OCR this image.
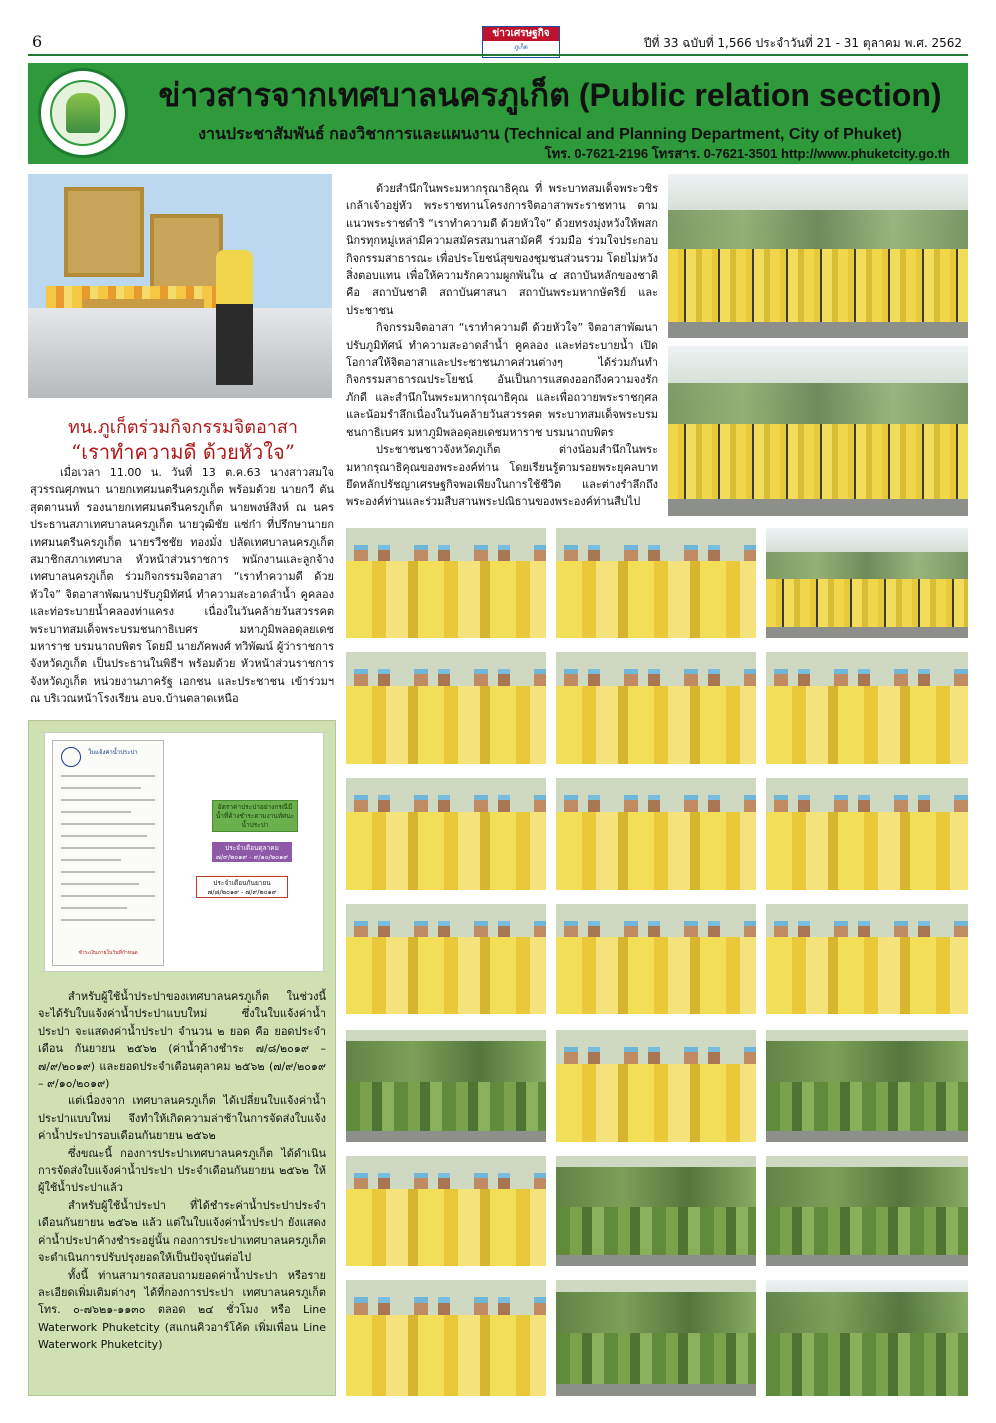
6	ข่าวเศรษฐกิจ
ภูเก็ต	ปีที่ 33 ฉบับที่ 1,566 ประจำวันที่ 21 - 31 ตุลาคม พ.ศ. 2562
ข่าวสารจากเทศบาลนครภูเก็ต (Public relation section)
งานประชาสัมพันธ์ กองวิชาการและแผนงาน (Technical and Planning Department, City of Phuket)
โทร. 0-7621-2196 โทรสาร. 0-7621-3501 http://www.phuketcity.go.th
ทน.ภูเก็ตร่วมกิจกรรมจิตอาสา
“เราทำความดี ด้วยหัวใจ”

เมื่อเวลา 11.00 น. วันที่ 13 ต.ค.63 นางสาวสมใจ สุวรรณศุภพนา นายกเทศมนตรีนครภูเก็ต พร้อมด้วย นายกวี ตันสุตตานนท์ รองนายกเทศมนตรีนครภูเก็ต นายพงษ์สิงห์ ณ นคร ประธานสภาเทศบาลนครภูเก็ต นายวุฒิชัย แซ่ก๋า ที่ปรึกษานายกเทศมนตรีนครภูเก็ต นายรวีชชัย ทองมั่ง ปลัดเทศบาลนครภูเก็ต สมาชิกสภาเทศบาล หัวหน้าส่วนราชการ พนักงานและลูกจ้างเทศบาลนครภูเก็ต ร่วมกิจกรรมจิตอาสา “เราทำความดี ด้วยหัวใจ” จิตอาสาพัฒนาปรับภูมิทัศน์ ทำความสะอาดลำน้ำ คูคลอง และท่อระบายน้ำคลองท่าแครง เนื่องในวันคล้ายวันสวรรคต พระบาทสมเด็จพระบรมชนกาธิเบศร มหาภูมิพลอดุลยเดชมหาราช บรมนาถบพิตร โดยมี นายภัคพงศ์ ทวิพัฒน์ ผู้ว่าราชการจังหวัดภูเก็ต เป็นประธานในพิธีฯ พร้อมด้วย หัวหน้าส่วนราชการจังหวัดภูเก็ต หน่วยงานภาครัฐ เอกชน และประชาชน เข้าร่วมฯ ณ บริเวณหน้าโรงเรียน อบจ.บ้านตลาดเหนือ

ด้วยสำนึกในพระมหากรุณาธิคุณ ที่ พระบาทสมเด็จพระวชิรเกล้าเจ้าอยู่หัว พระราชทานโครงการจิตอาสาพระราชทาน ตามแนวพระราชดำริ “เราทำความดี ด้วยหัวใจ” ด้วยทรงมุ่งหวังให้พสกนิกรทุกหมู่เหล่ามีความสมัครสมานสามัคคี ร่วมมือ ร่วมใจประกอบกิจกรรมสาธารณะ เพื่อประโยชน์สุขของชุมชนส่วนรวม โดยไม่หวังสิ่งตอบแทน เพื่อให้ความรักความผูกพันใน ๔ สถาบันหลักของชาติ คือ สถาบันชาติ สถาบันศาสนา สถาบันพระมหากษัตริย์ และประชาชน

กิจกรรมจิตอาสา “เราทำความดี ด้วยหัวใจ” จิตอาสาพัฒนาปรับภูมิทัศน์ ทำความสะอาดลำน้ำ คูคลอง และท่อระบายน้ำ เปิดโอกาสให้จิตอาสาและประชาชนภาคส่วนต่างๆ ได้ร่วมกันทำกิจกรรมสาธารณประโยชน์ อันเป็นการแสดงออกถึงความจงรักภักดี และสำนึกในพระมหากรุณาธิคุณ และเพื่อถวายพระราชกุศลและน้อมรำลึกเนื่องในวันคล้ายวันสวรรคต พระบาทสมเด็จพระบรมชนกาธิเบศร มหาภูมิพลอดุลยเดชมหาราช บรมนาถบพิตร

ประชาชนชาวจังหวัดภูเก็ต ต่างน้อมสำนึกในพระมหากรุณาธิคุณของพระองค์ท่าน โดยเรียนรู้ตามรอยพระยุคลบาท ยึดหลักปรัชญาเศรษฐกิจพอเพียงในการใช้ชีวิต และต่างรำลึกถึงพระองค์ท่านและร่วมสืบสานพระปณิธานของพระองค์ท่านสืบไป

ใบแจ้งค่าน้ำประปา
ชำระเงินภายในวันที่กำหนด
อัตราค่าประปาอย่างกรณีมีน้ำที่ค้างชำระตามงานทัศนะน้ำประปา
ประจำเดือนตุลาคม ๗/๙/๒๐๑๙ - ๙/๑๐/๒๐๑๙
ประจำเดือนกันยายน ๗/๘/๒๐๑๙ - ๗/๙/๒๐๑๙

สำหรับผู้ใช้น้ำประปาของเทศบาลนครภูเก็ต ในช่วงนี้ จะได้รับใบแจ้งค่าน้ำประปาแบบใหม่ ซึ่งในใบแจ้งค่าน้ำประปา จะแสดงค่าน้ำประปา จำนวน ๒ ยอด คือ ยอดประจำเดือน กันยายน ๒๕๖๒ (ค่าน้ำค้างชำระ ๗/๘/๒๐๑๙ – ๗/๙/๒๐๑๙) และยอดประจำเดือนตุลาคม ๒๕๖๒ (๗/๙/๒๐๑๙ – ๙/๑๐/๒๐๑๙)

แต่เนื่องจาก เทศบาลนครภูเก็ต ได้เปลี่ยนใบแจ้งค่าน้ำประปาแบบใหม่ จึงทำให้เกิดความล่าช้าในการจัดส่งใบแจ้งค่าน้ำประปารอบเดือนกันยายน ๒๕๖๒

ซึ่งขณะนี้ กองการประปาเทศบาลนครภูเก็ต ได้ดำเนินการจัดส่งใบแจ้งค่าน้ำประปา ประจำเดือนกันยายน ๒๕๖๒ ให้ผู้ใช้น้ำประปาแล้ว

สำหรับผู้ใช้น้ำประปา ที่ได้ชำระค่าน้ำประปาประจำ เดือนกันยายน ๒๕๖๒ แล้ว แต่ในใบแจ้งค่าน้ำประปา ยังแสดงค่าน้ำประปาค้างชำระอยู่นั้น กองการประปาเทศบาลนครภูเก็ต จะดำเนินการปรับปรุงยอดให้เป็นปัจจุบันต่อไป

ทั้งนี้ ท่านสามารถสอบถามยอดค่าน้ำประปา หรือรายละเอียดเพิ่มเติมต่างๆ ได้ที่กองการประปา เทศบาลนครภูเก็ต โทร. ๐-๗๖๒๑-๑๑๓๐ ตลอด ๒๔ ชั่วโมง หรือ Line Waterwork Phuketcity (สแกนคิวอาร์โค้ด เพิ่มเพื่อน Line Waterwork Phuketcity)
